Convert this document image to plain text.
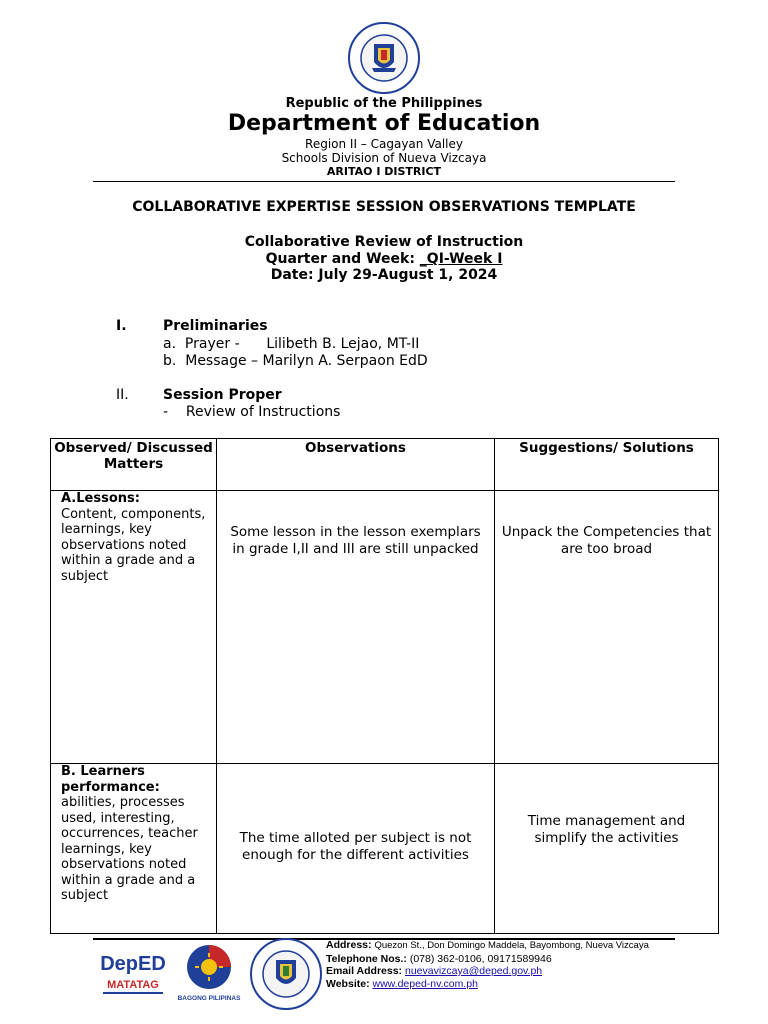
Republic of the Philippines
Department of Education
Region II – Cagayan Valley
Schools Division of Nueva Vizcaya
ARITAO I DISTRICT
COLLABORATIVE EXPERTISE SESSION OBSERVATIONS TEMPLATE
Collaborative Review of Instruction
Quarter and Week: _QI-Week I
Date: July 29-August 1, 2024
I.	Preliminaries
a.  Prayer -      Lilibeth B. Lejao, MT-II
b.  Message – Marilyn A. Serpaon EdD
II. Session Proper
-    Review of Instructions
Observed/ Discussed Matters	Observations	Suggestions/ Solutions

A.Lessons:
Content, components, learnings, key observations noted within a grade and a subject	Some lesson in the lesson exemplars in grade I,II and III are still unpacked	Unpack the Competencies that are too broad

B. Learners performance:
abilities, processes used, interesting, occurrences, teacher learnings, key observations noted within a grade and a subject	The time alloted per subject is not enough for the different activities	Time management and simplify the activities
DepED
MATATAG
BAGONG PILIPINAS
Address: Quezon St., Don Domingo Maddela, Bayombong, Nueva Vizcaya
Telephone Nos.: (078) 362-0106, 09171589946
Email Address: nuevavizcaya@deped.gov.ph
Website: www.deped-nv.com.ph
